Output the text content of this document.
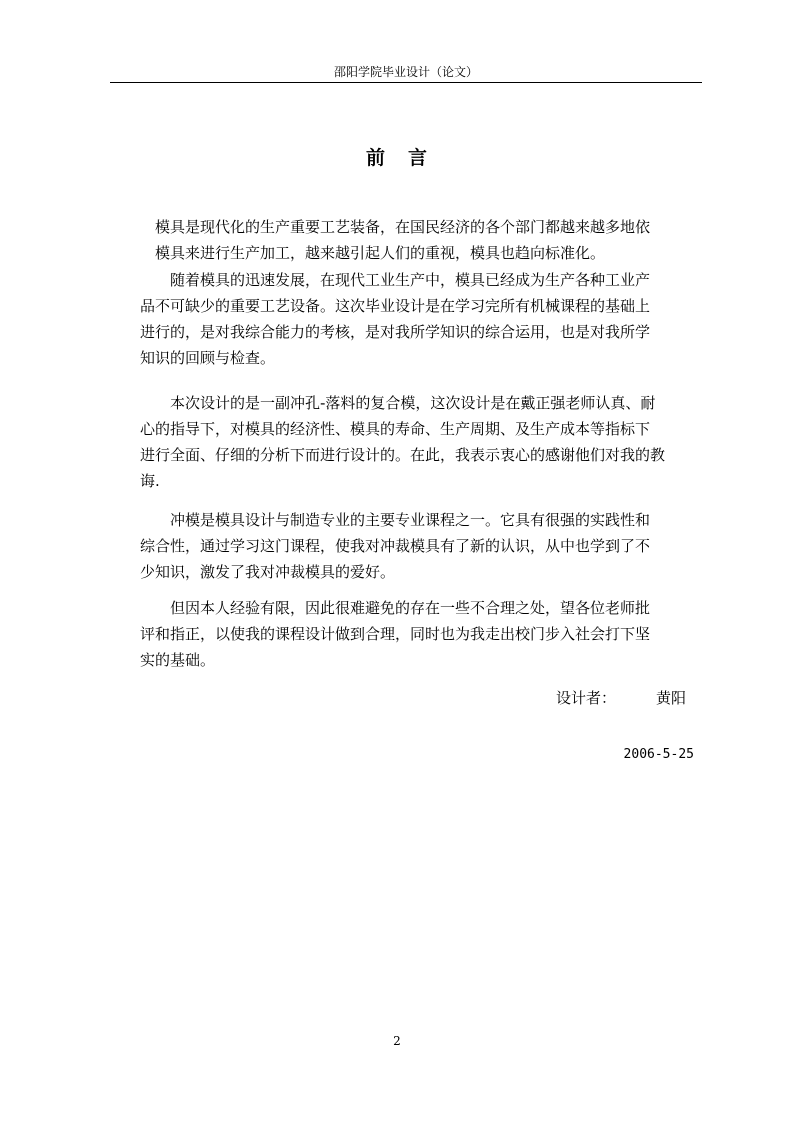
邵阳学院毕业设计（论文）
前 言
　模具是现代化的生产重要工艺装备，在国民经济的各个部门都越来越多地依
　模具来进行生产加工，越来越引起人们的重视，模具也趋向标准化。
　　随着模具的迅速发展，在现代工业生产中，模具已经成为生产各种工业产
品不可缺少的重要工艺设备。这次毕业设计是在学习完所有机械课程的基础上
进行的，是对我综合能力的考核，是对我所学知识的综合运用，也是对我所学
知识的回顾与检查。
　　本次设计的是一副冲孔-落料的复合模，这次设计是在戴正强老师认真、耐
心的指导下，对模具的经济性、模具的寿命、生产周期、及生产成本等指标下
进行全面、仔细的分析下而进行设计的。在此，我表示衷心的感谢他们对我的教
诲.
　　冲模是模具设计与制造专业的主要专业课程之一。它具有很强的实践性和
综合性，通过学习这门课程，使我对冲裁模具有了新的认识，从中也学到了不
少知识，激发了我对冲裁模具的爱好。
　　但因本人经验有限，因此很难避免的存在一些不合理之处，望各位老师批
评和指正，以使我的课程设计做到合理，同时也为我走出校门步入社会打下坚
实的基础。
设计者：	黄阳
2006-5-25
2
